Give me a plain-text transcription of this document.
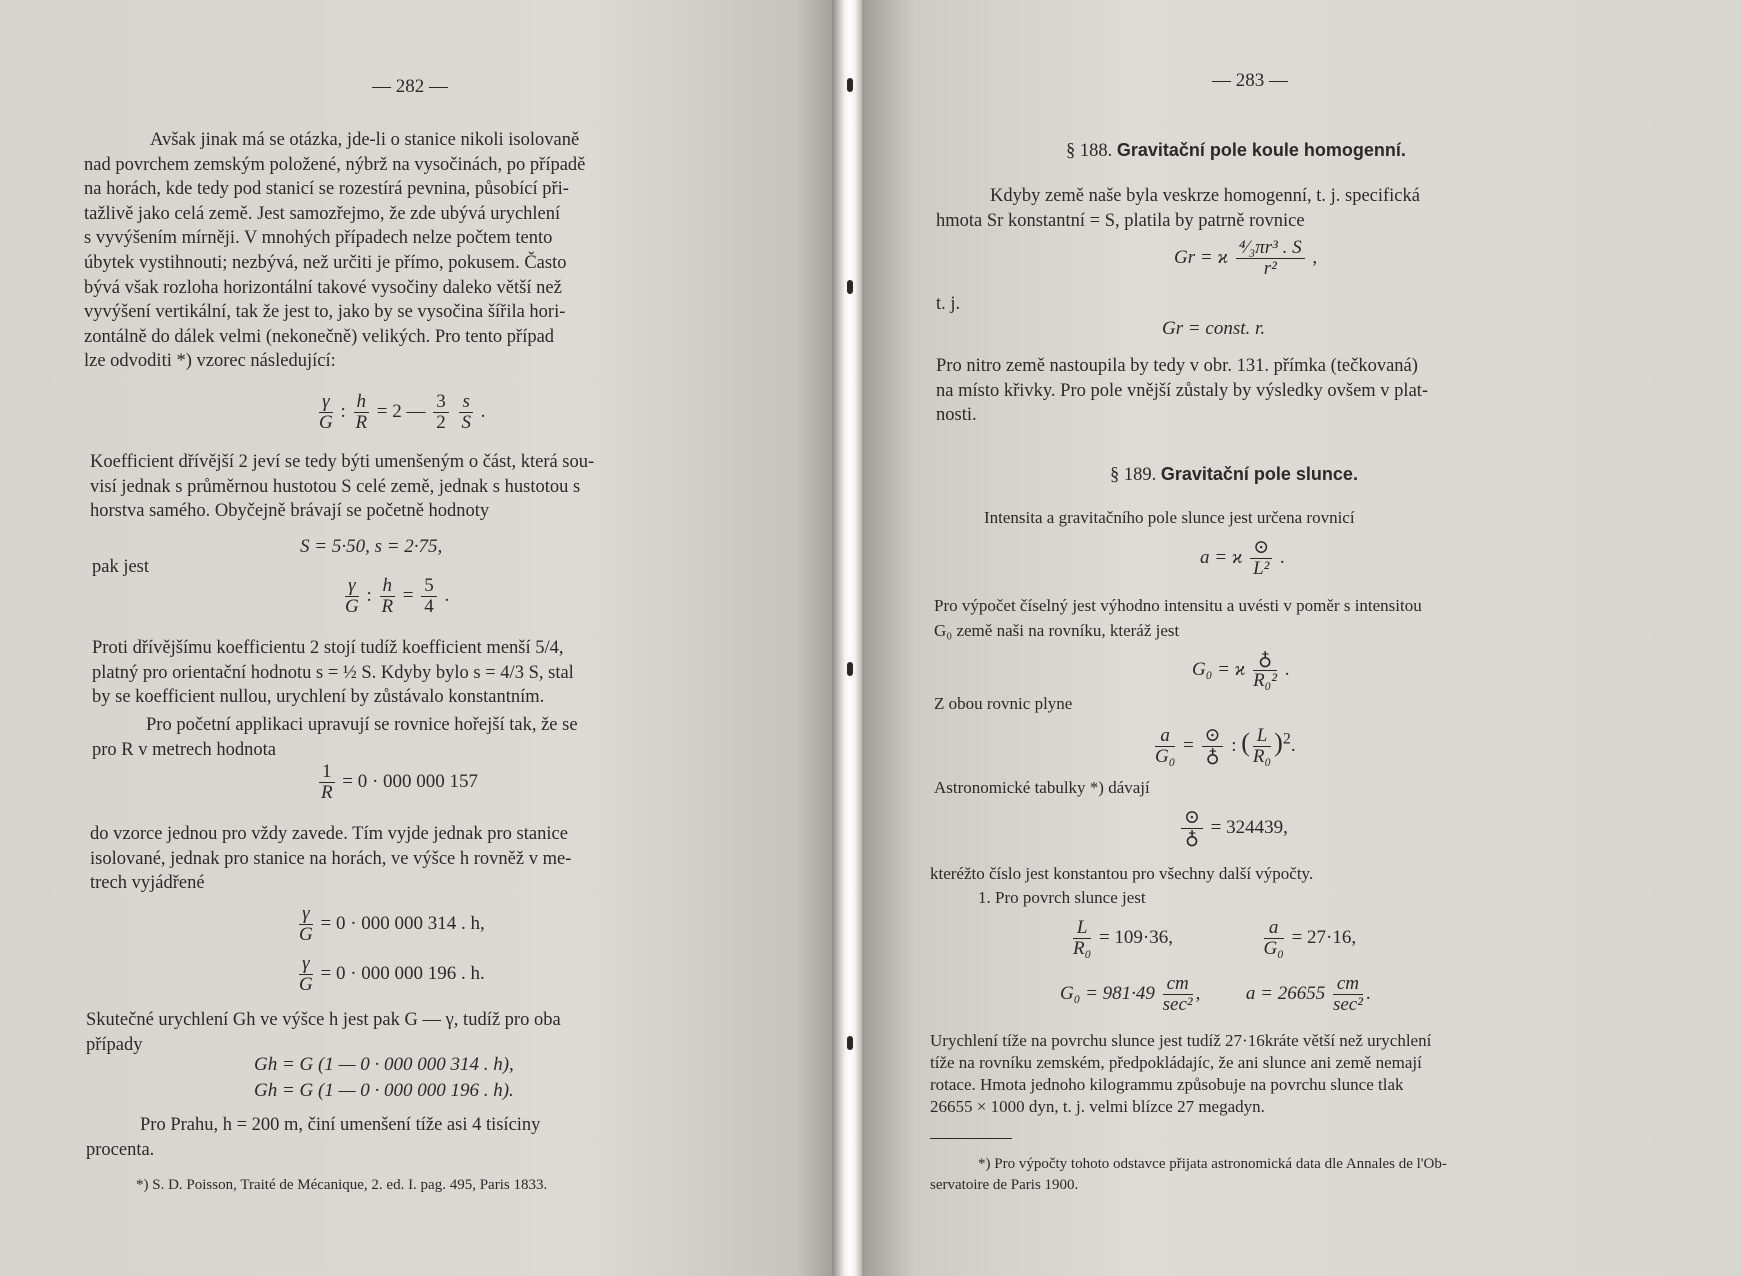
— 282 —
Avšak jinak má se otázka, jde-li o stanice nikoli isolovaně
nad povrchem zemským položené, nýbrž na vysočinách, po případě
na horách, kde tedy pod stanicí se rozestírá pevnina, působící při-
tažlivě jako celá země. Jest samozřejmo, že zde ubývá urychlení
s vyvýšením mírněji. V mnohých případech nelze počtem tento
úbytek vystihnouti; nezbývá, než určiti je přímo, pokusem. Často
bývá však rozloha horizontální takové vysočiny daleko větší než
vyvýšení vertikální, tak že jest to, jako by se vysočina šířila hori-
zontálně do dálek velmi (nekonečně) velikých. Pro tento případ
lze odvoditi *) vzorec následující:
$\frac{\gamma}{G}$ : $\frac{h}{R} = 2$ — $\frac{3}{2}$
$\frac{s}{S}$ .
Koefficient dřívější 2 jeví se tedy býti umenšeným o část, která sou-
visí jednak s průměrnou hustotou S celé země, jednak s hustotou s
horstva samého. Obyčejně brávají se početně hodnoty
S = 5·50, s = 2·75,
pak jest
$\frac{\gamma}{G}$ : $\frac{h}{R} = \frac{5}{4}$ .
Proti dřívějšímu koefficientu 2 stojí tudíž koefficient menší 5/4,
platný pro orientační hodnotu s = ½ S. Kdyby bylo s = 4/3 S, stal
by se koefficient nullou, urychlení by zůstávalo konstantním.
Pro početní applikaci upravují se rovnice hořejší tak, že se
pro R v metrech hodnota
$\frac{1}{R} = 0 \cdot 000$ 000 157
do vzorce jednou pro vždy zavede. Tím vyjde jednak pro stanice
isolované, jednak pro stanice na horách, ve výšce h rovněž v me-
trech vyjádřené
$\frac{\gamma}{G} = 0 \cdot 000$ 000 314 . h,
$\frac{\gamma}{G} = 0 \cdot 000$ 000 196 . h.
Skutečné urychlení Gh ve výšce h jest pak G — γ, tudíž pro oba
případy
Gh = G (1 — 0 · 000 000 314 . h),
Gh = G (1 — 0 · 000 000 196 . h).
Pro Prahu, h = 200 m, činí umenšení tíže asi 4 tisíciny
procenta.
*) S. D. Poisson, Traité de Mécanique, 2. ed. I. pag. 495, Paris 1833.
— 283 —
§ 188. Gravitační pole koule homogenní.
Kdyby země naše byla veskrze homogenní, t. j. specifická
hmota Sr konstantní = S, platila by patrně rovnice
Gr = ϰ $\frac{\text{⁴⁄₃πr³ . S}}{\text{r²}}$ ,
t. j.
Gr = const. r.
Pro nitro země nastoupila by tedy v obr. 131. přímka (tečkovaná)
na místo křivky. Pro pole vnější zůstaly by výsledky ovšem v plat-
nosti.
§ 189. Gravitační pole slunce.
Intensita a gravitačního pole slunce jest určena rovnicí
a = ϰ $\frac{⊙}{\text{L²}}$ .
Pro výpočet číselný jest výhodno intensitu a uvésti v poměr s intensitou
G₀ země naši na rovníku, kteráž jest
G₀ = ϰ $\frac{♁}{\text{R₀²}}$ .
Z obou rovnic plyne
$\frac{a}{\text{G₀}} = \frac{⊙}{♁}$ : ( $\frac{L}{\text{R₀}} )^2$.
Astronomické tabulky *) dávají
$\frac{⊙}{♁} = 324439$,
kteréžto číslo jest konstantou pro všechny další výpočty.
1. Pro povrch slunce jest
$\frac{L}{\text{R₀}} = 109\cdot 36$,	$\frac{a}{\text{G₀}} = 27\cdot 16$,
$G_0 = 981\cdot 49 \frac{cm}{\text{sec²}}$ , $a = 26655 \frac{cm}{\text{sec²}}$ .
Urychlení tíže na povrchu slunce jest tudíž 27·16kráte větší než urychlení
tíže na rovníku zemském, předpokládajíc, že ani slunce ani země nemají
rotace. Hmota jednoho kilogrammu způsobuje na povrchu slunce tlak
26655 × 1000 dyn, t. j. velmi blízce 27 megadyn.
*) Pro výpočty tohoto odstavce přijata astronomická data dle Annales de l'Ob-
servatoire de Paris 1900.
